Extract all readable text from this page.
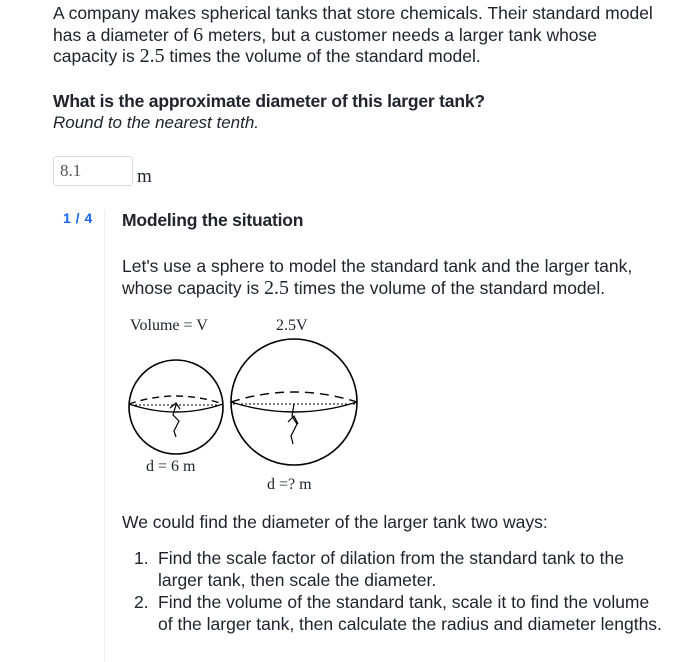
A company makes spherical tanks that store chemicals. Their standard model has a diameter of 6 meters, but a customer needs a larger tank whose capacity is 2.5 times the volume of the standard model.
What is the approximate diameter of this larger tank?
Round to the nearest tenth.
8.1
m
1 / 4 Modeling the situation
Let's use a sphere to model the standard tank and the larger tank, whose capacity is 2.5 times the volume of the standard model.
Volume = V	2.5V
d = 6 m
d =? m
We could find the diameter of the larger tank two ways:
1. Find the scale factor of dilation from the standard tank to the larger tank, then scale the diameter.
2. Find the volume of the standard tank, scale it to find the volume of the larger tank, then calculate the radius and diameter lengths.
